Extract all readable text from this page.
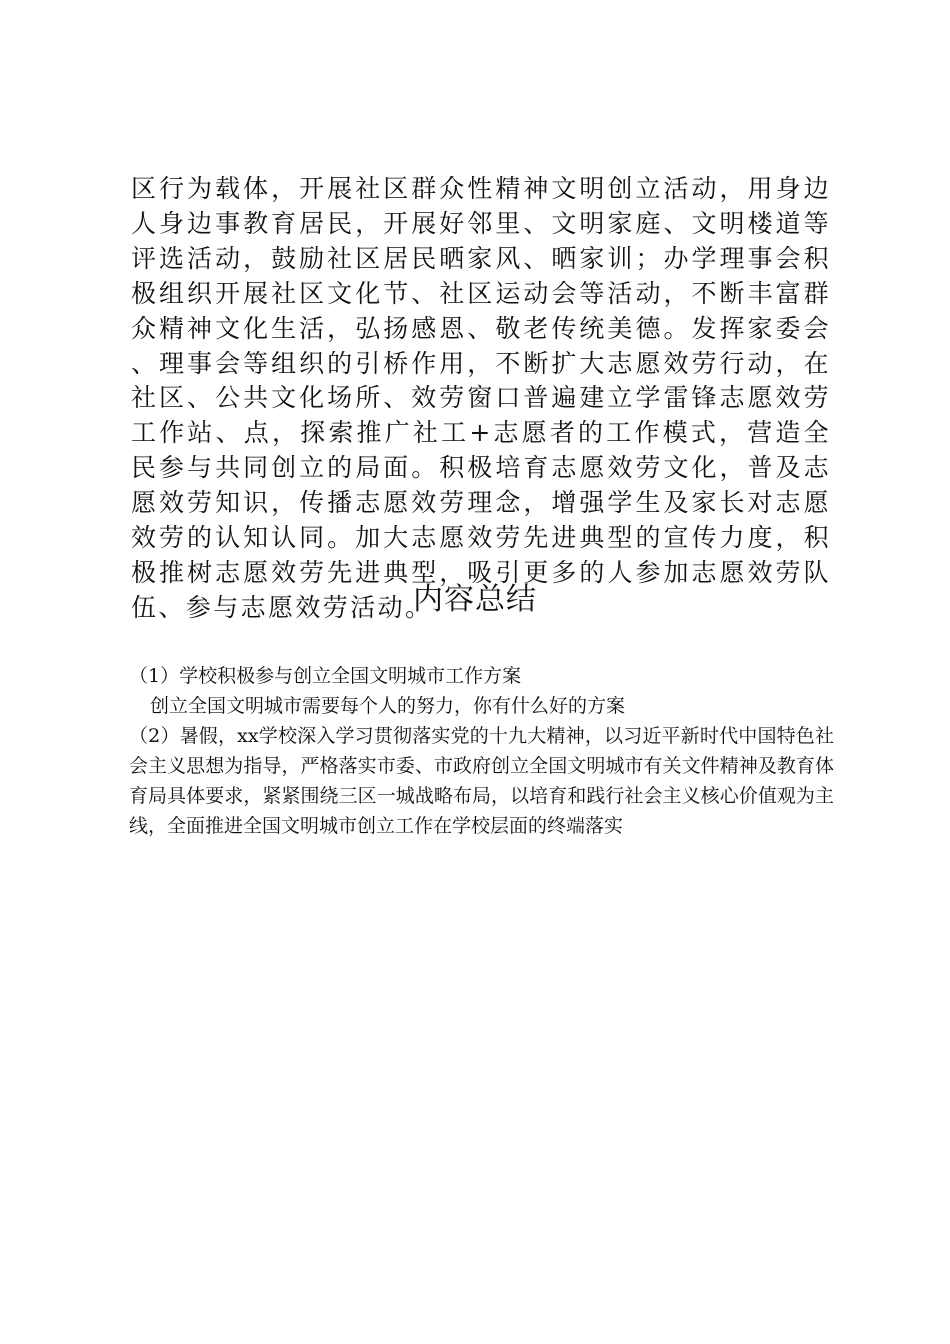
区行为载体，开展社区群众性精神文明创立活动，用身边人身边事教育居民，开展好邻里、文明家庭、文明楼道等评选活动，鼓励社区居民晒家风、晒家训；办学理事会积极组织开展社区文化节、社区运动会等活动，不断丰富群众精神文化生活，弘扬感恩、敬老传统美德。发挥家委会、理事会等组织的引桥作用，不断扩大志愿效劳行动，在社区、公共文化场所、效劳窗口普遍建立学雷锋志愿效劳工作站、点，探索推广社工+志愿者的工作模式，营造全民参与共同创立的局面。积极培育志愿效劳文化，普及志愿效劳知识，传播志愿效劳理念，增强学生及家长对志愿效劳的认知认同。加大志愿效劳先进典型的宣传力度，积极推树志愿效劳先进典型，吸引更多的人参加志愿效劳队伍、参与志愿效劳活动。

内容总结

（1）学校积极参与创立全国文明城市工作方案

创立全国文明城市需要每个人的努力，你有什么好的方案

（2）暑假，xx学校深入学习贯彻落实党的十九大精神，以习近平新时代中国特色社会主义思想为指导，严格落实市委、市政府创立全国文明城市有关文件精神及教育体育局具体要求，紧紧围绕三区一城战略布局，以培育和践行社会主义核心价值观为主线，全面推进全国文明城市创立工作在学校层面的终端落实
